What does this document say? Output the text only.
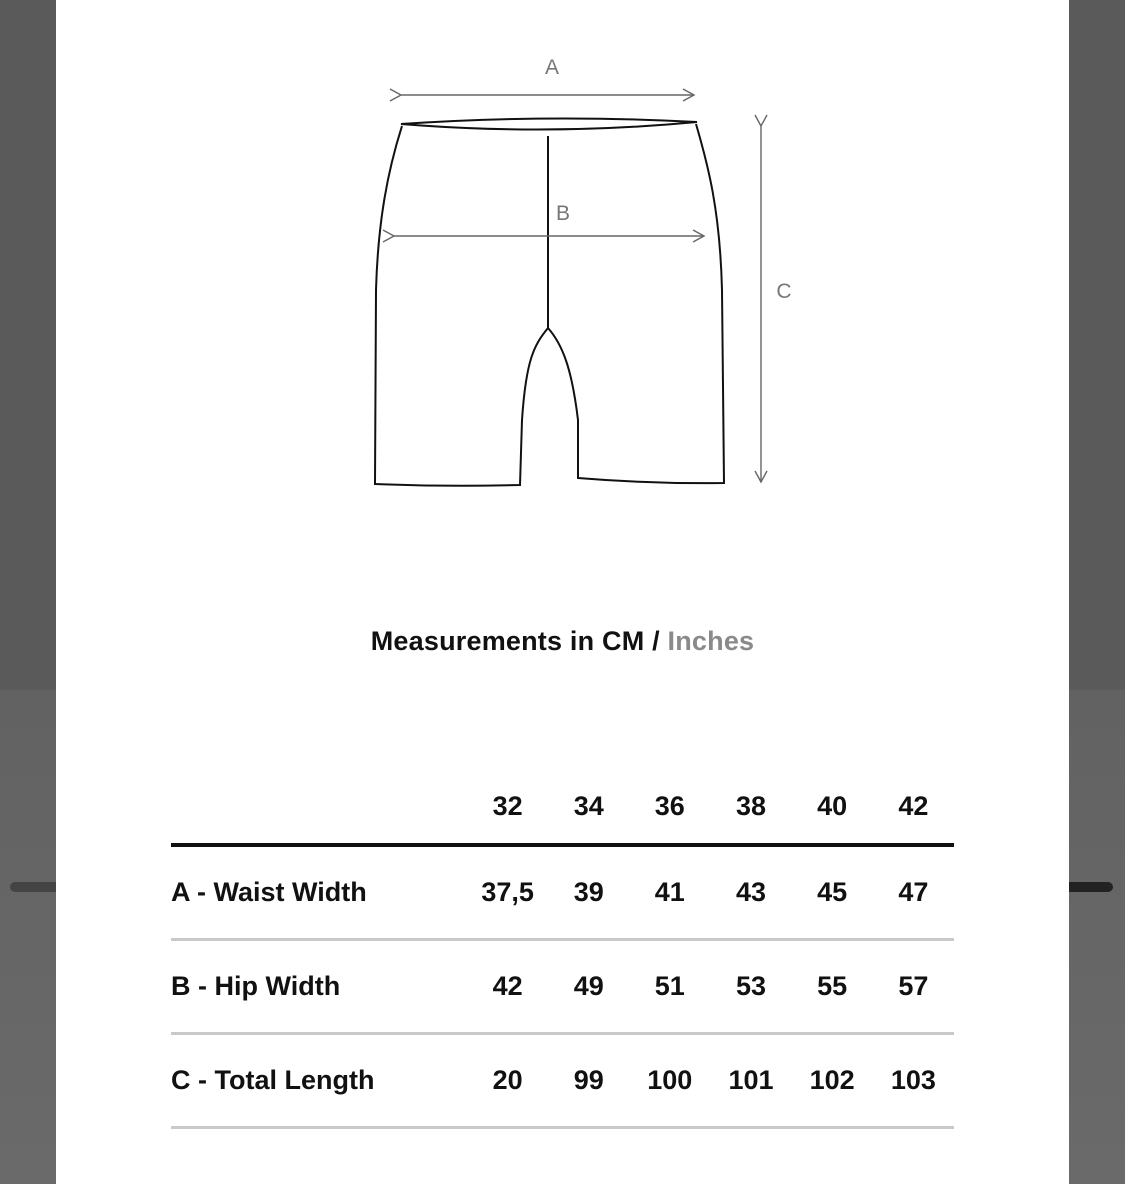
A
B
C
Measurements in CM / Inches
	32	34	36	38	40	42
A - Waist Width	37,5	39	41	43	45	47
B - Hip Width	42	49	51	53	55	57
C - Total Length	20	99	100	101	102	103
